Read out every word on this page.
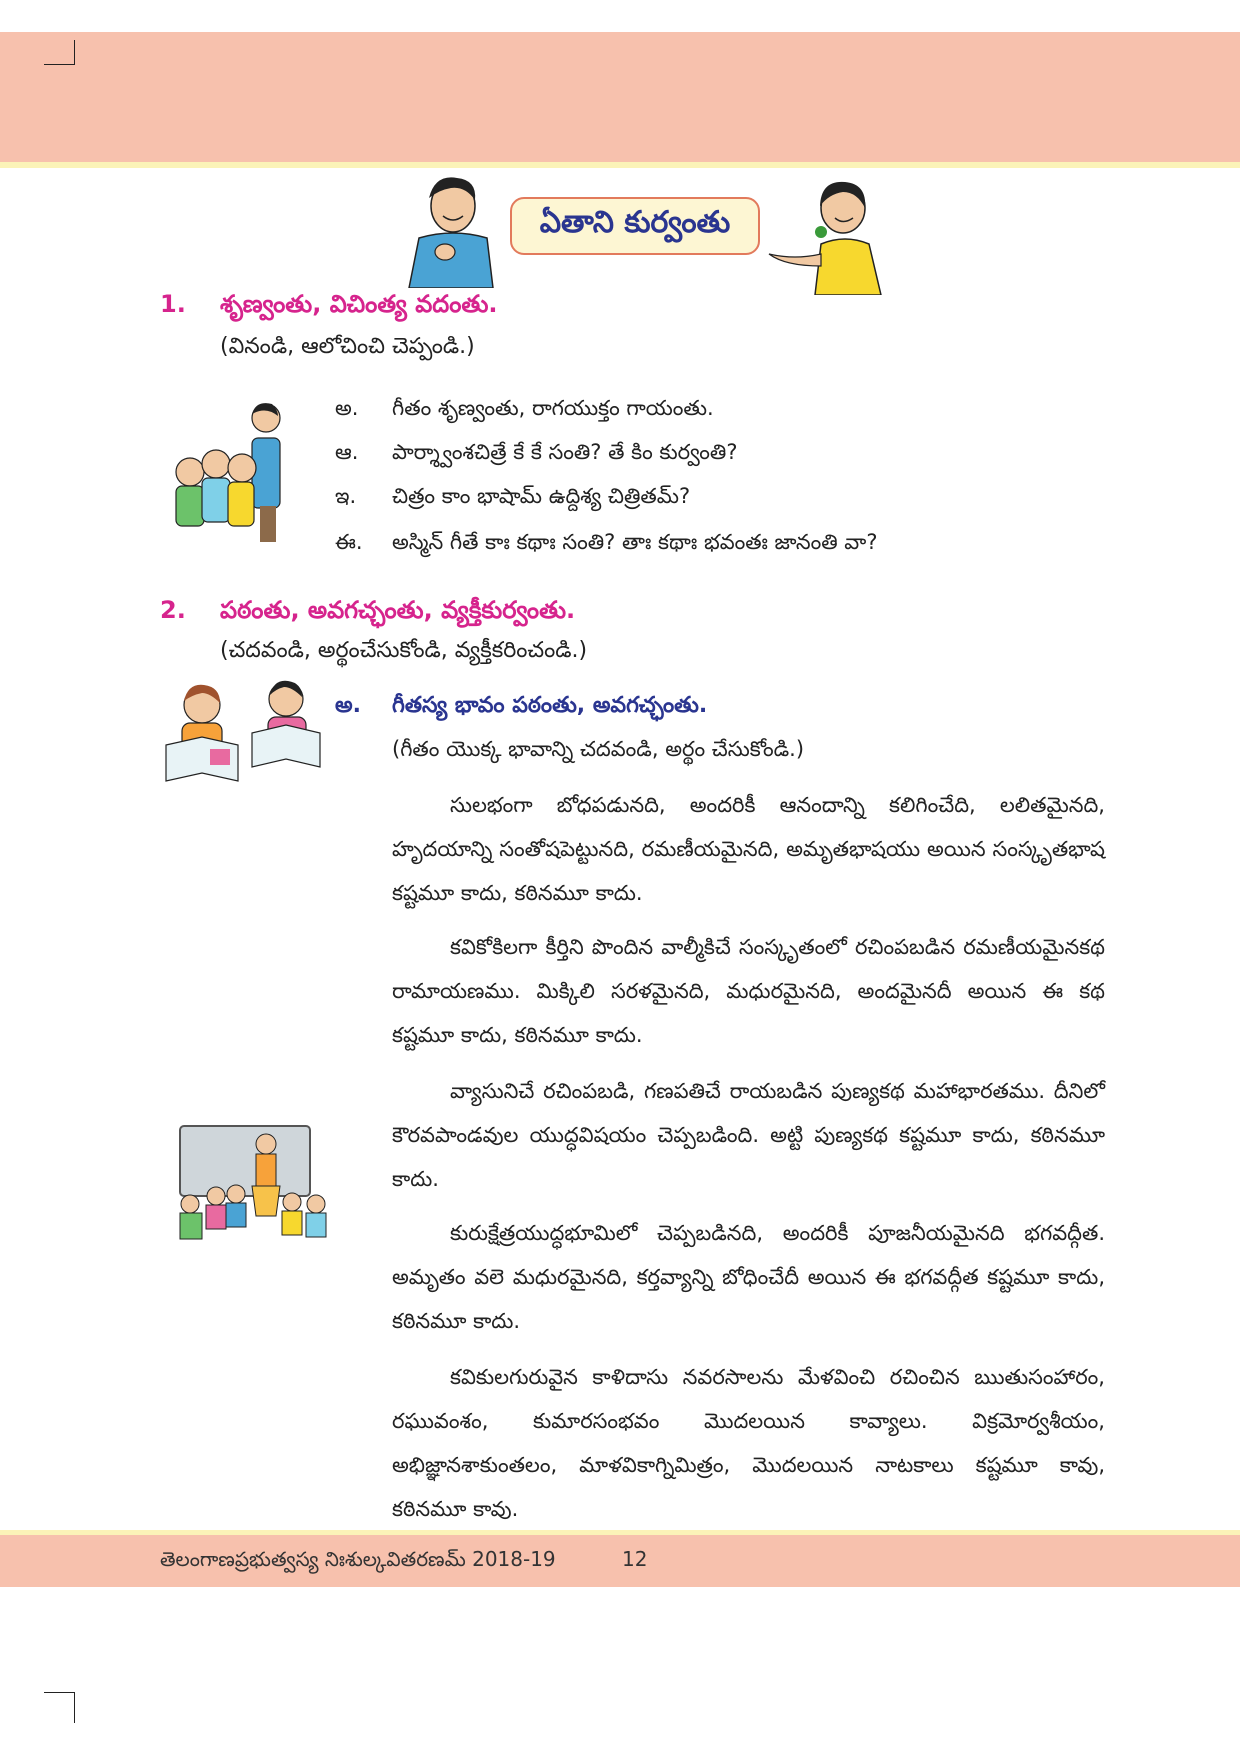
ఏతాని కుర్వంతు
1. శృణ్వంతు, విచింత్య వదంతు.
(వినండి, ఆలోచించి చెప్పండి.)
అ. గీతం శృణ్వంతు, రాగయుక్తం గాయంతు.
ఆ. పార్శ్వాంశచిత్రే కే కే సంతి? తే కిం కుర్వంతి?
ఇ. చిత్రం కాం భాషామ్ ఉద్దిశ్య చిత్రితమ్?
ఈ. అస్మిన్ గీతే కాః కథాః సంతి? తాః కథాః భవంతః జానంతి వా?
2. పఠంతు, అవగచ్ఛంతు, వ్యక్తీకుర్వంతు.
(చదవండి, అర్థంచేసుకోండి, వ్యక్తీకరించండి.)
అ. గీతస్య భావం పఠంతు, అవగచ్ఛంతు.
(గీతం యొక్క భావాన్ని చదవండి, అర్థం చేసుకోండి.)

సులభంగా బోధపడునది, అందరికీ ఆనందాన్ని కలిగించేది, లలితమైనది, హృదయాన్ని సంతోషపెట్టునది, రమణీయమైనది, అమృతభాషయు అయిన సంస్కృతభాష కష్టమూ కాదు, కఠినమూ కాదు.

కవికోకిలగా కీర్తిని పొందిన వాల్మీకిచే సంస్కృతంలో రచింపబడిన రమణీయమైనకథ రామాయణము. మిక్కిలి సరళమైనది, మధురమైనది, అందమైనదీ అయిన ఈ కథ కష్టమూ కాదు, కఠినమూ కాదు.

వ్యాసునిచే రచింపబడి, గణపతిచే రాయబడిన పుణ్యకథ మహాభారతము. దీనిలో కౌరవపాండవుల యుద్ధవిషయం చెప్పబడింది. అట్టి పుణ్యకథ కష్టమూ కాదు, కఠినమూ కాదు.

కురుక్షేత్రయుద్ధభూమిలో చెప్పబడినది, అందరికీ పూజనీయమైనది భగవద్గీత. అమృతం వలె మధురమైనది, కర్తవ్యాన్ని బోధించేదీ అయిన ఈ భగవద్గీత కష్టమూ కాదు, కఠినమూ కాదు.

కవికులగురువైన కాళిదాసు నవరసాలను మేళవించి రచించిన ఋతుసంహారం, రఘువంశం, కుమారసంభవం మొదలయిన కావ్యాలు. విక్రమోర్వశీయం, అభిజ్ఞానశాకుంతలం, మాళవికాగ్నిమిత్రం, మొదలయిన నాటకాలు కష్టమూ కావు, కఠినమూ కావు.

తెలంగాణప్రభుత్వస్య నిఃశుల్కవితరణమ్ 2018-19	12
